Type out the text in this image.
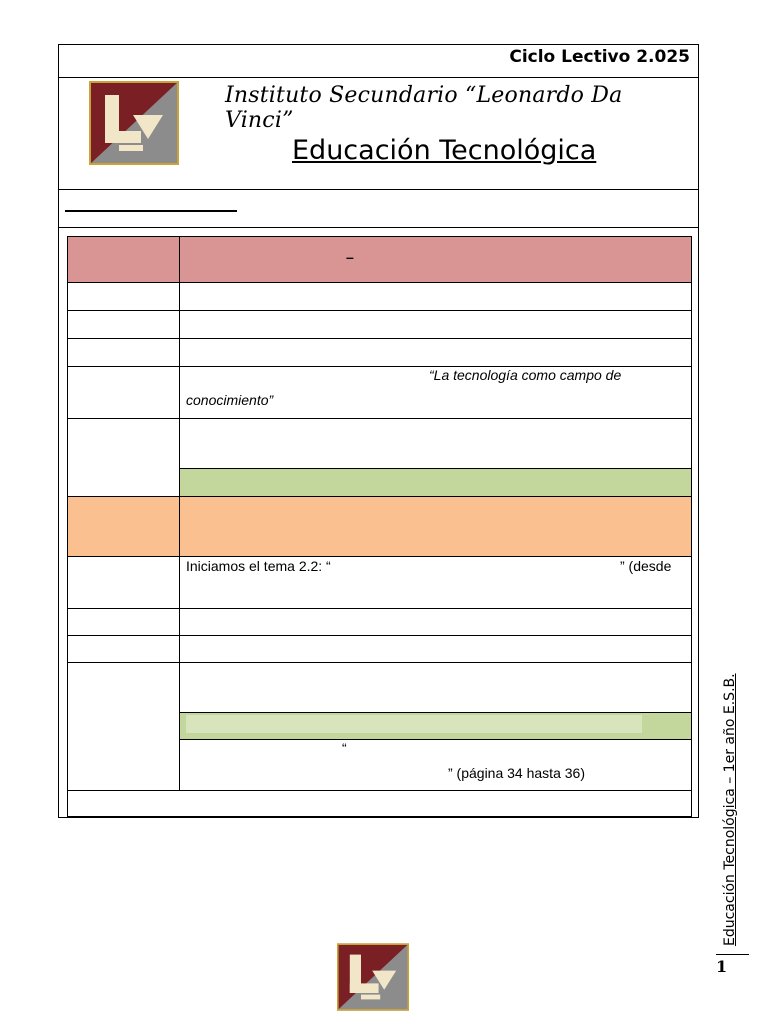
Ciclo Lectivo 2.025
Instituto Secundario “Leonardo Da Vinci”
Educación Tecnológica
–
“La tecnología como campo de
conocimiento”
Iniciamos el tema 2.2: “	” (desde
“
” (página 34 hasta 36)	Educación Tecnológica – 1er año E.S.B.
1
